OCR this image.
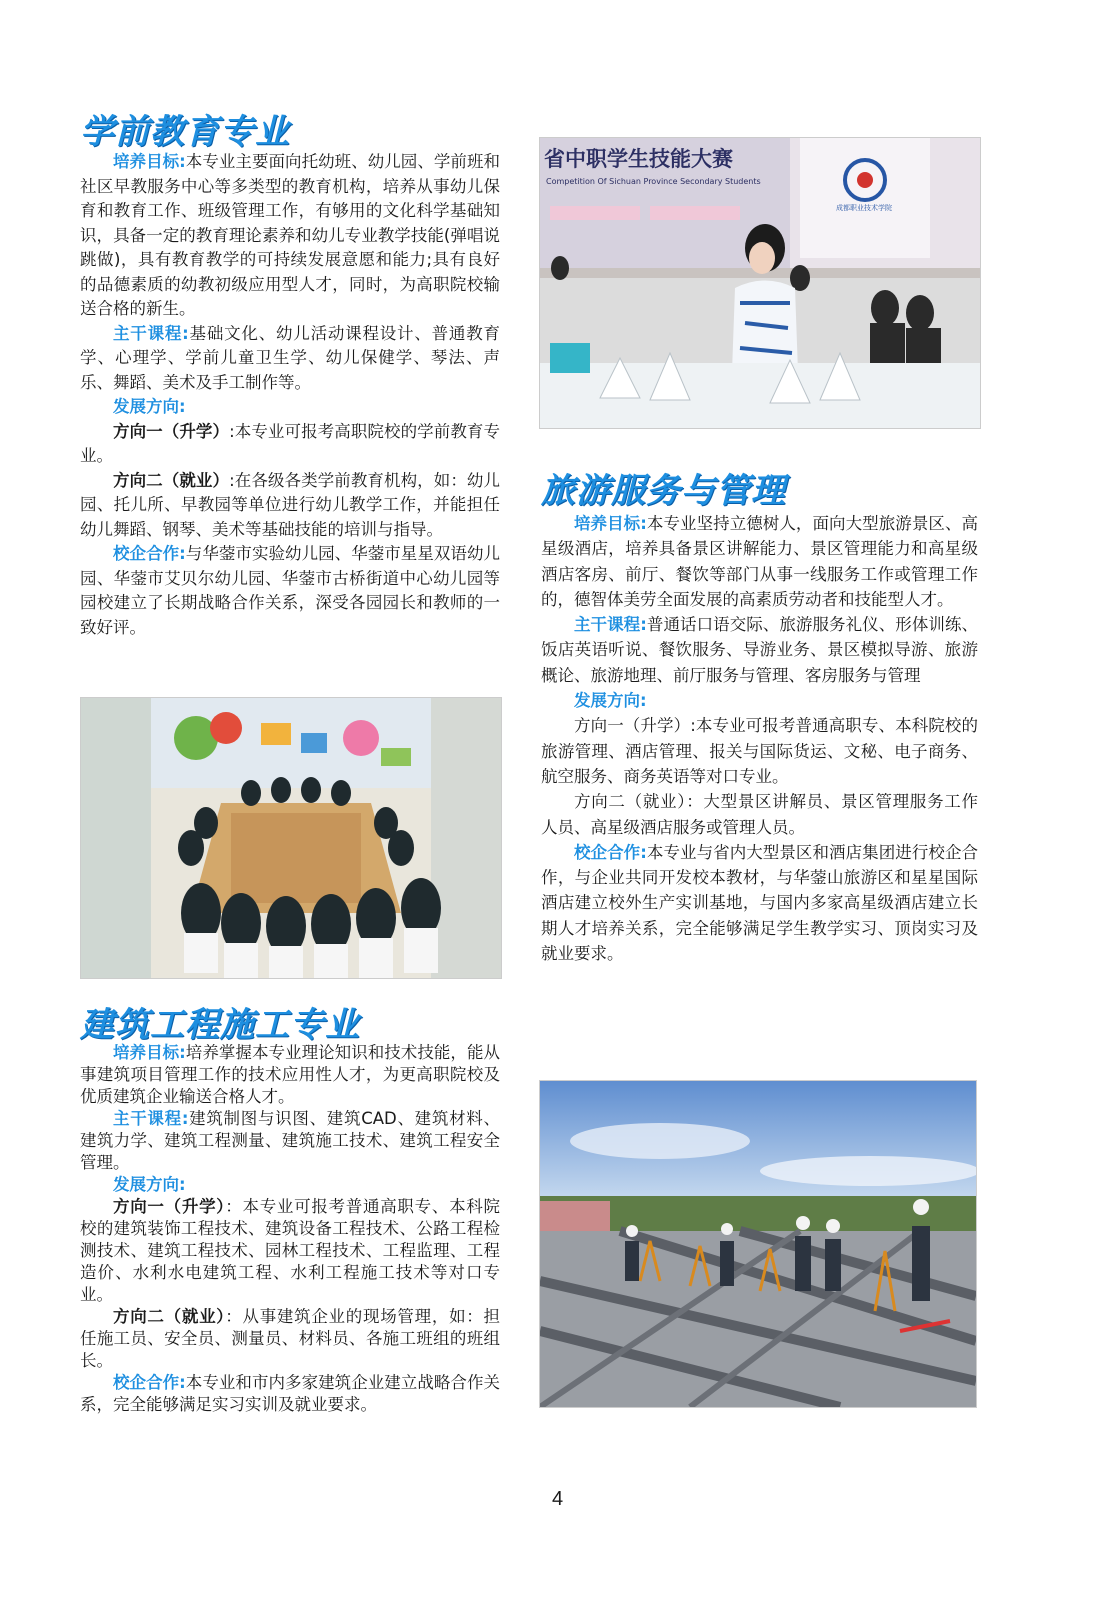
学前教育专业

培养目标:本专业主要面向托幼班、幼儿园、学前班和社区早教服务中心等多类型的教育机构，培养从事幼儿保育和教育工作、班级管理工作，有够用的文化科学基础知识，具备一定的教育理论素养和幼儿专业教学技能(弹唱说跳做)，具有教育教学的可持续发展意愿和能力;具有良好的品德素质的幼教初级应用型人才，同时，为高职院校输送合格的新生。

主干课程:基础文化、幼儿活动课程设计、普通教育学、心理学、学前儿童卫生学、幼儿保健学、琴法、声乐、舞蹈、美术及手工制作等。

发展方向:

方向一（升学）:本专业可报考高职院校的学前教育专业。

方向二（就业）:在各级各类学前教育机构，如：幼儿园、托儿所、早教园等单位进行幼儿教学工作，并能担任幼儿舞蹈、钢琴、美术等基础技能的培训与指导。

校企合作:与华蓥市实验幼儿园、华蓥市星星双语幼儿园、华蓥市艾贝尔幼儿园、华蓥市古桥街道中心幼儿园等园校建立了长期战略合作关系，深受各园园长和教师的一致好评。

建筑工程施工专业

培养目标:培养掌握本专业理论知识和技术技能，能从事建筑项目管理工作的技术应用性人才，为更高职院校及优质建筑企业输送合格人才。

主干课程:建筑制图与识图、建筑CAD、建筑材料、建筑力学、建筑工程测量、建筑施工技术、建筑工程安全管理。

发展方向:

方向一（升学）：本专业可报考普通高职专、本科院校的建筑装饰工程技术、建筑设备工程技术、公路工程检测技术、建筑工程技术、园林工程技术、工程监理、工程造价、水利水电建筑工程、水利工程施工技术等对口专业。

方向二（就业）：从事建筑企业的现场管理，如：担任施工员、安全员、测量员、材料员、各施工班组的班组长。

校企合作:本专业和市内多家建筑企业建立战略合作关系，完全能够满足实习实训及就业要求。

省中职学生技能大赛
Competition Of Sichuan Province Secondary Students
成都职业技术学院
旅游服务与管理

培养目标:本专业坚持立德树人，面向大型旅游景区、高星级酒店，培养具备景区讲解能力、景区管理能力和高星级酒店客房、前厅、餐饮等部门从事一线服务工作或管理工作的，德智体美劳全面发展的高素质劳动者和技能型人才。

主干课程:普通话口语交际、旅游服务礼仪、形体训练、饭店英语听说、餐饮服务、导游业务、景区模拟导游、旅游概论、旅游地理、前厅服务与管理、客房服务与管理

发展方向:

方向一（升学）:本专业可报考普通高职专、本科院校的旅游管理、酒店管理、报关与国际货运、文秘、电子商务、航空服务、商务英语等对口专业。

方向二（就业）：大型景区讲解员、景区管理服务工作人员、高星级酒店服务或管理人员。

校企合作:本专业与省内大型景区和酒店集团进行校企合作，与企业共同开发校本教材，与华蓥山旅游区和星星国际酒店建立校外生产实训基地，与国内多家高星级酒店建立长期人才培养关系，完全能够满足学生教学实习、顶岗实习及就业要求。

4
